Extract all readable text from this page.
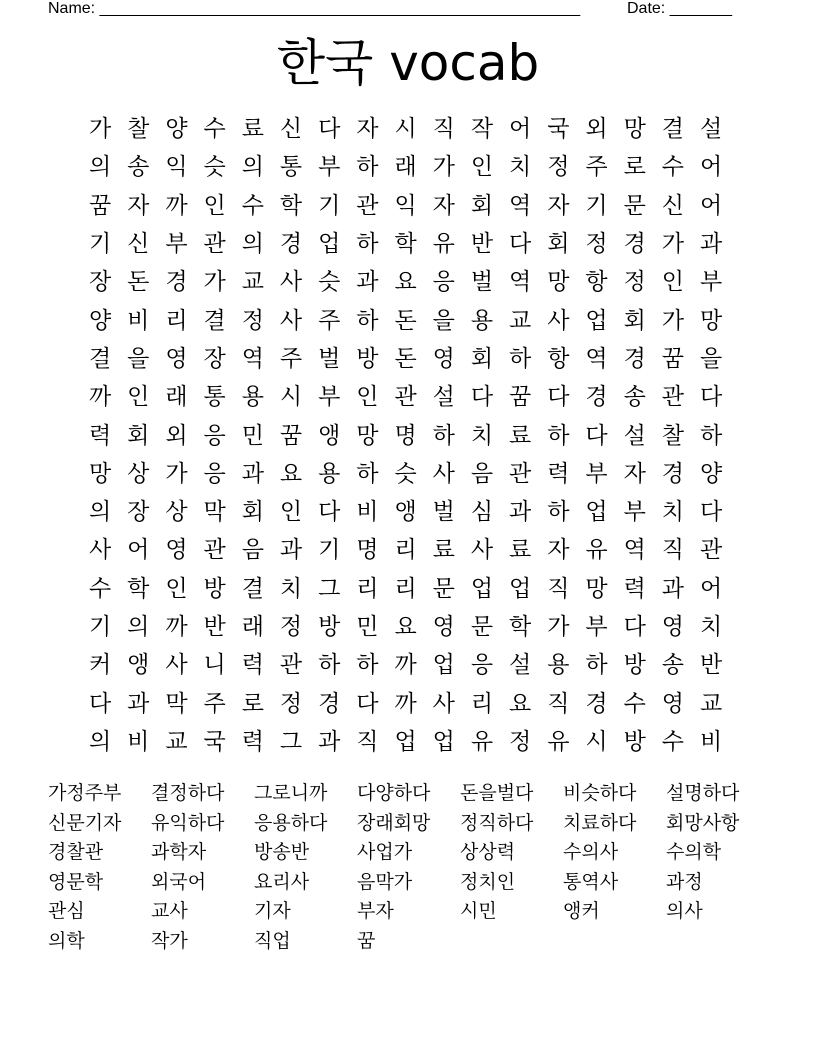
Name: ______________________________________________________	Date: _______
한국 vocab
가 찰 양 수 료 신 다 자 시 직 작 어 국 외 망 결 설
의 송 익 슷 의 통 부 하 래 가 인 치 정 주 로 수 어
꿈 자 까 인 수 학 기 관 익 자 회 역 자 기 문 신 어
기 신 부 관 의 경 업 하 학 유 반 다 회 정 경 가 과
장 돈 경 가 교 사 슷 과 요 응 벌 역 망 항 정 인 부
양 비 리 결 정 사 주 하 돈 을 용 교 사 업 회 가 망
결 을 영 장 역 주 벌 방 돈 영 회 하 항 역 경 꿈 을
까 인 래 통 용 시 부 인 관 설 다 꿈 다 경 송 관 다
력 회 외 응 민 꿈 앵 망 명 하 치 료 하 다 설 찰 하
망 상 가 응 과 요 용 하 슷 사 음 관 력 부 자 경 양
의 장 상 막 회 인 다 비 앵 벌 심 과 하 업 부 치 다
사 어 영 관 음 과 기 명 리 료 사 료 자 유 역 직 관
수 학 인 방 결 치 그 리 리 문 업 업 직 망 력 과 어
기 의 까 반 래 정 방 민 요 영 문 학 가 부 다 영 치
커 앵 사 니 력 관 하 하 까 업 응 설 용 하 방 송 반
다 과 막 주 로 정 경 다 까 사 리 요 직 경 수 영 교
의 비 교 국 력 그 과 직 업 업 유 정 유 시 방 수 비
가정주부	결정하다	그로니까	다양하다	돈을벌다	비슷하다	설명하다
신문기자	유익하다	응용하다	장래회망	정직하다	치료하다	회망사항
경찰관	과학자	방송반	사업가	상상력	수의사	수의학
영문학	외국어	요리사	음막가	정치인	통역사	과정
관심	교사	기자	부자	시민	앵커	의사
의학	작가	직업	꿈
